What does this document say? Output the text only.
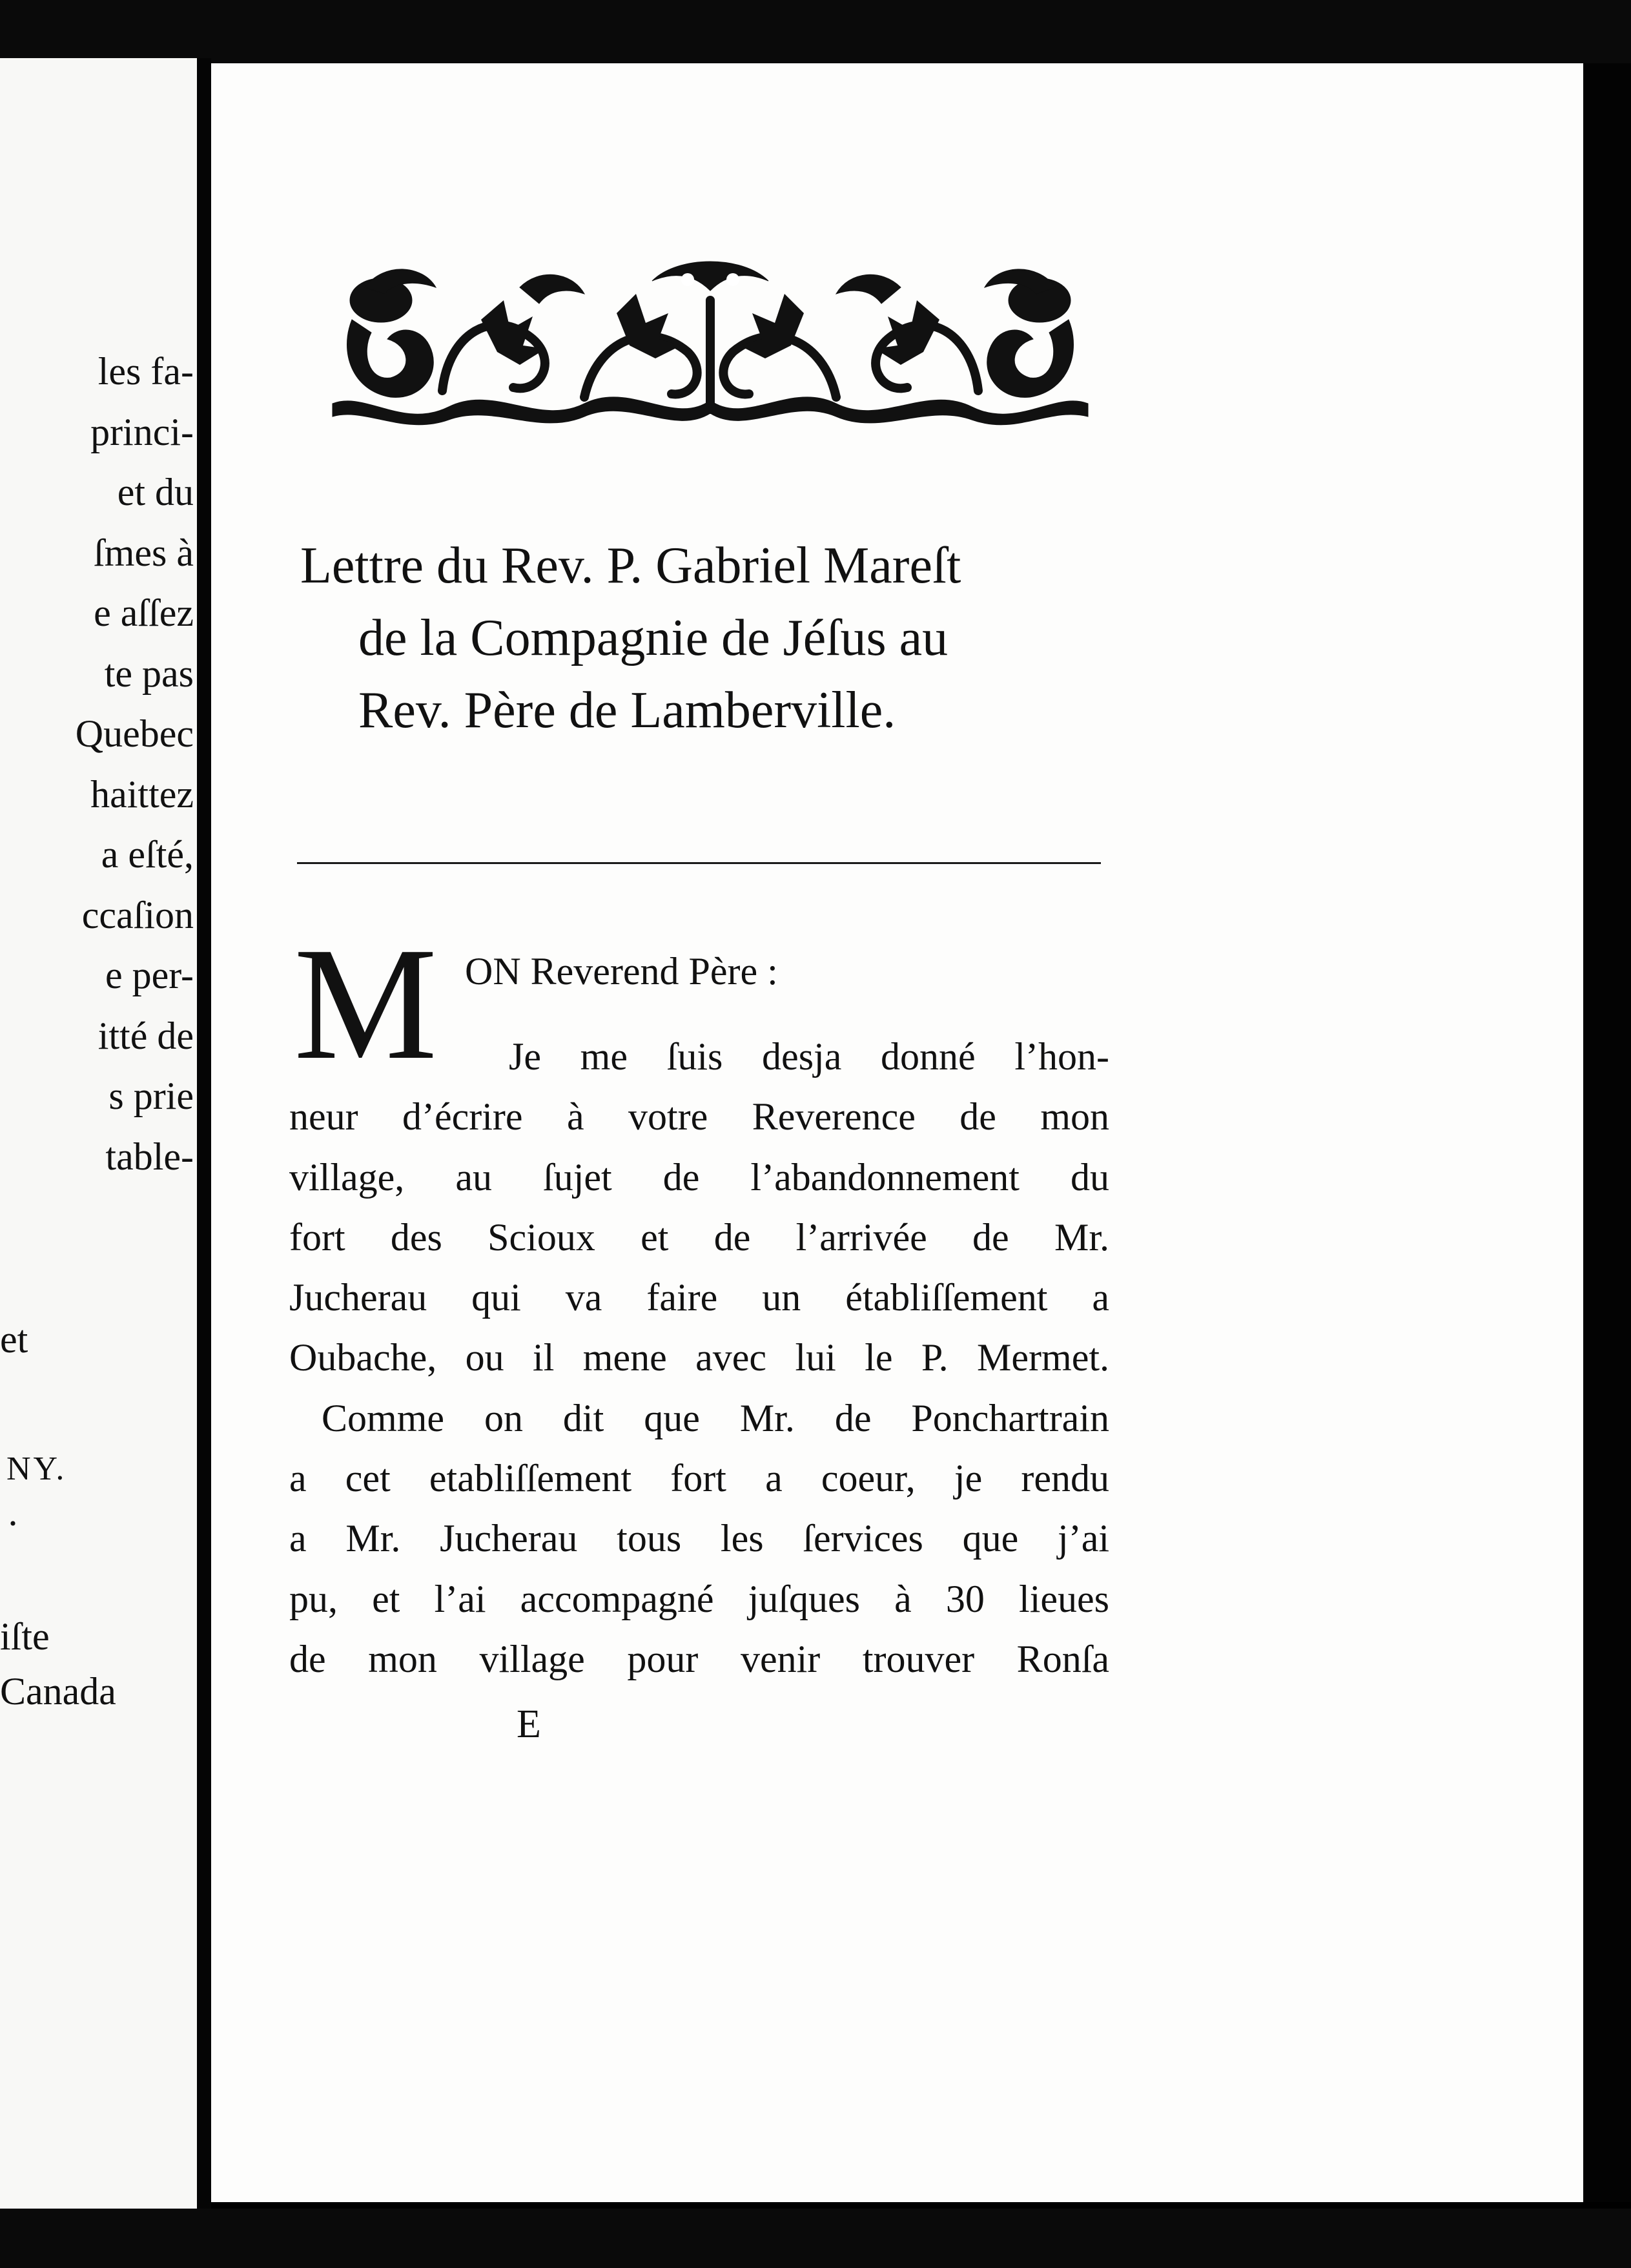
les fa-
princi-
et du
ſmes à
e aſſez
te pas
Quebec
haittez
a eſté,
ccaſion
e per-
itté de
s prie
table-
et
NY.
·
iſte
Canada
Lettre du Rev. P. Gabriel Mareſt
de la Compagnie de Jéſus au
Rev. Père de Lamberville.
M ON Reverend Père :
Je me ſuis desja donné l’hon-
neur d’écrire à votre Reverence de mon
village, au ſujet de l’abandonnement du
fort des Scioux et de l’arrivée de Mr.
Jucherau qui va faire un établiſſement a
Oubache, ou il mene avec lui le P. Mermet.
Comme on dit que Mr. de Ponchartrain
a cet etabliſſement fort a coeur, je rendu
a Mr. Jucherau tous les ſervices que j’ai
pu, et l’ai accompagné juſques à 30 lieues
de mon village pour venir trouver Ronſa
E
